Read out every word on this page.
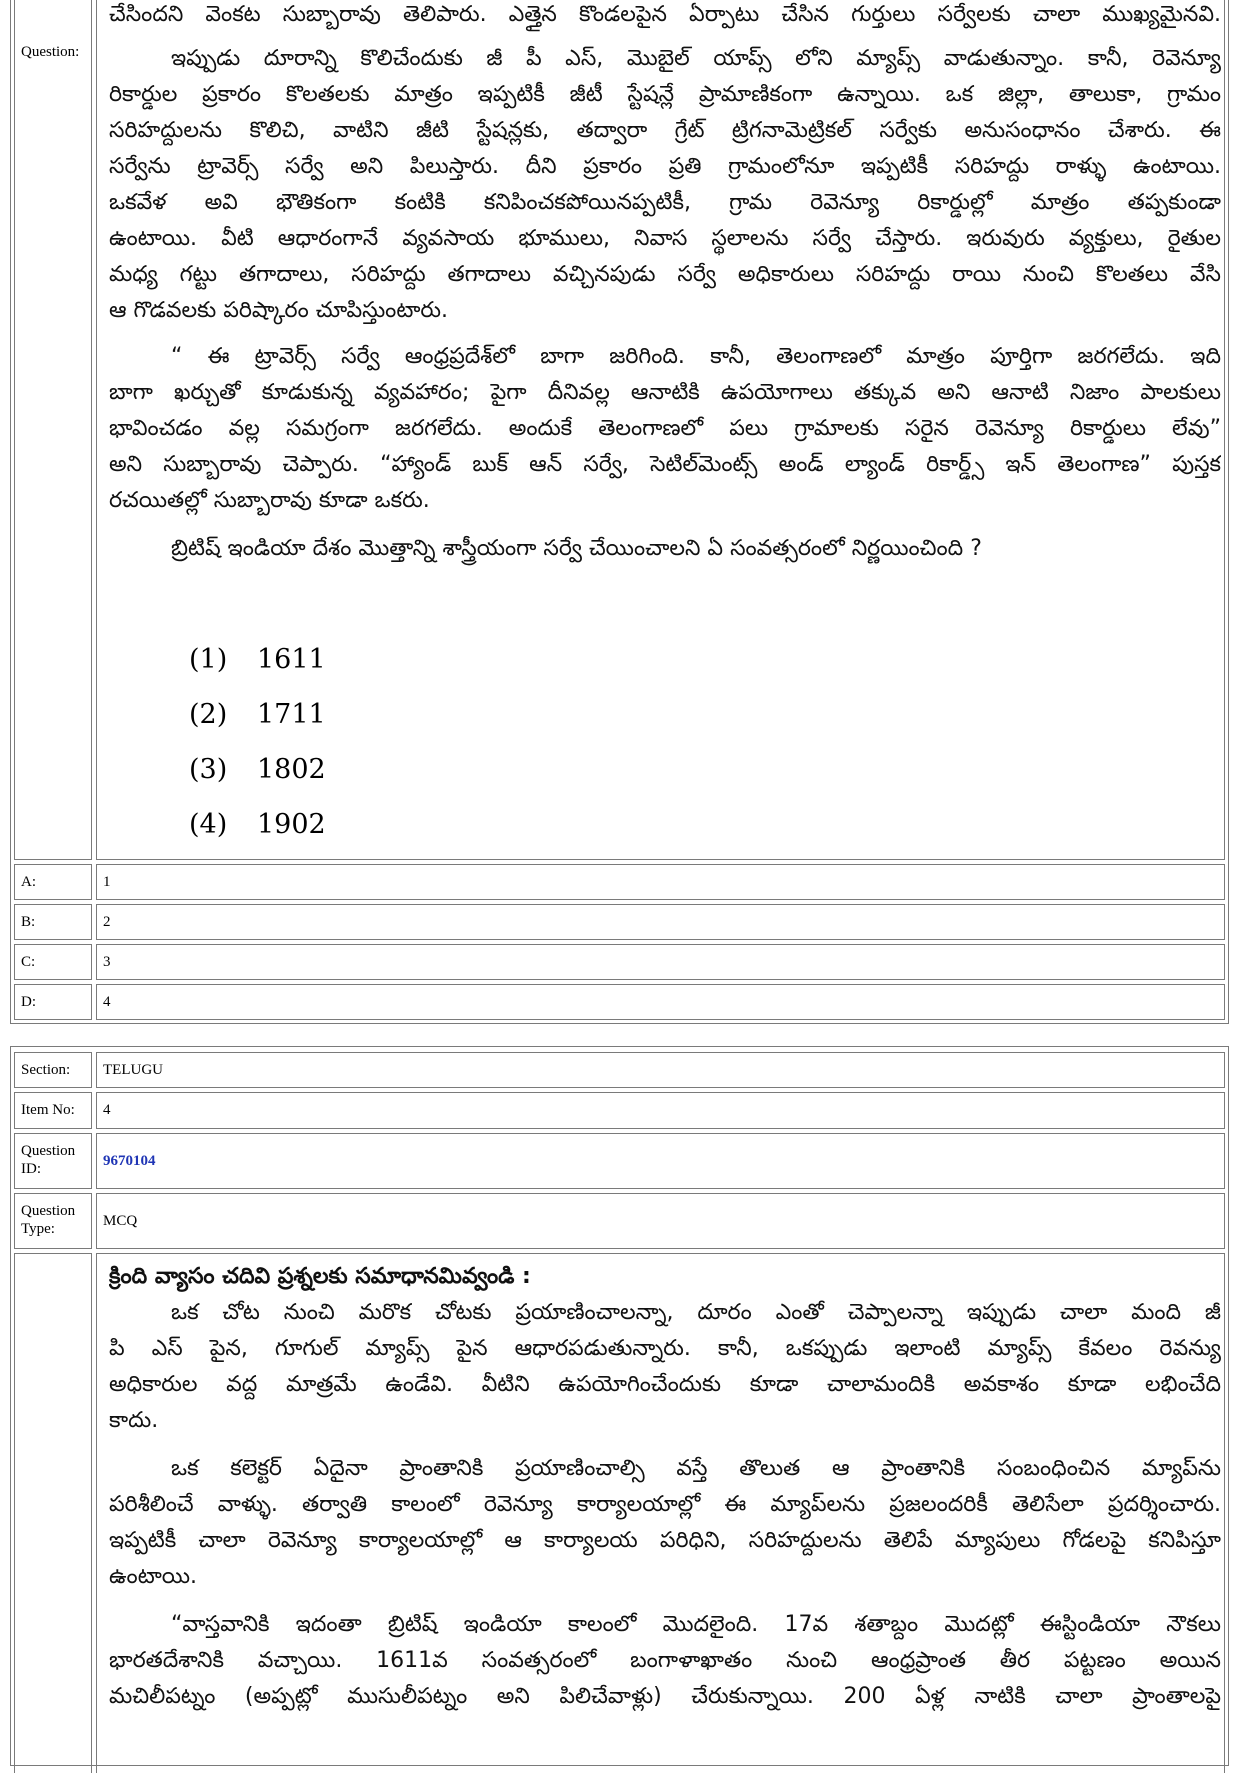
Question:
చేసిందని వెంకట సుబ్బారావు తెలిపారు. ఎత్తైన కొండలపైన ఏర్పాటు చేసిన గుర్తులు సర్వేలకు చాలా ముఖ్యమైనవి.
ఇప్పుడు దూరాన్ని కొలిచేందుకు జీ పీ ఎస్, మొబైల్ యాప్స్ లోని మ్యాప్స్ వాడుతున్నాం. కానీ, రెవెన్యూ
రికార్డుల ప్రకారం కొలతలకు మాత్రం ఇప్పటికీ జీటీ స్టేషన్లే ప్రామాణికంగా ఉన్నాయి. ఒక జిల్లా, తాలుకా, గ్రామం
సరిహద్దులను కొలిచి, వాటిని జీటి స్టేషన్లకు, తద్వారా గ్రేట్ ట్రిగనామెట్రికల్ సర్వేకు అనుసంధానం చేశారు. ఈ
సర్వేను ట్రావెర్స్ సర్వే అని పిలుస్తారు. దీని ప్రకారం ప్రతి గ్రామంలోనూ ఇప్పటికీ సరిహద్దు రాళ్ళు ఉంటాయి.
ఒకవేళ అవి భౌతికంగా కంటికి కనిపించకపోయినప్పటికీ, గ్రామ రెవెన్యూ రికార్డుల్లో మాత్రం తప్పకుండా
ఉంటాయి. వీటి ఆధారంగానే వ్యవసాయ భూములు, నివాస స్థలాలను సర్వే చేస్తారు. ఇరువురు వ్యక్తులు, రైతుల
మధ్య గట్టు తగాదాలు, సరిహద్దు తగాదాలు వచ్చినపుడు సర్వే అధికారులు సరిహద్దు రాయి నుంచి కొలతలు వేసి
ఆ గొడవలకు పరిష్కారం చూపిస్తుంటారు.
“ ఈ ట్రావెర్స్ సర్వే ఆంధ్రప్రదేశ్‌లో బాగా జరిగింది. కానీ, తెలంగాణలో మాత్రం పూర్తిగా జరగలేదు. ఇది
బాగా ఖర్చుతో కూడుకున్న వ్యవహారం; పైగా దీనివల్ల ఆనాటికి ఉపయోగాలు తక్కువ అని ఆనాటి నిజాం పాలకులు
భావించడం వల్ల సమగ్రంగా జరగలేదు. అందుకే తెలంగాణలో పలు గ్రామాలకు సరైన రెవెన్యూ రికార్డులు లేవు”
అని సుబ్బారావు చెప్పారు. “హ్యాండ్ బుక్ ఆన్ సర్వే, సెటిల్‌మెంట్స్ అండ్ ల్యాండ్ రికార్డ్స్ ఇన్ తెలంగాణ” పుస్తక
రచయితల్లో సుబ్బారావు కూడా ఒకరు.
బ్రిటిష్ ఇండియా దేశం మొత్తాన్ని శాస్త్రీయంగా సర్వే చేయించాలని ఏ సంవత్సరంలో నిర్ణయించింది ?
(1) 1611
(2) 1711
(3) 1802
(4) 1902
A:	1
B:	2
C:	3
D:	4
Section:	TELUGU
Item No:	4
Question
ID:	9670104
Question
Type:	MCQ
క్రింది వ్యాసం చదివి ప్రశ్నలకు సమాధానమివ్వండి :
ఒక చోట నుంచి మరొక చోటకు ప్రయాణించాలన్నా, దూరం ఎంతో చెప్పాలన్నా ఇప్పుడు చాలా మంది జీ
పి ఎస్ పైన, గూగుల్ మ్యాప్స్ పైన ఆధారపడుతున్నారు. కానీ, ఒకప్పుడు ఇలాంటి మ్యాప్స్ కేవలం రెవన్యు
అధికారుల వద్ద మాత్రమే ఉండేవి. వీటిని ఉపయోగించేందుకు కూడా చాలామందికి అవకాశం కూడా లభించేది
కాదు.
ఒక కలెక్టర్ ఏదైనా ప్రాంతానికి ప్రయాణించాల్సి వస్తే తొలుత ఆ ప్రాంతానికి సంబంధించిన మ్యాప్‌ను
పరిశీలించే వాళ్ళు. తర్వాతి కాలంలో రెవెన్యూ కార్యాలయాల్లో ఈ మ్యాప్‌లను ప్రజలందరికీ తెలిసేలా ప్రదర్శించారు.
ఇప్పటికీ చాలా రెవెన్యూ కార్యాలయాల్లో ఆ కార్యాలయ పరిధిని, సరిహద్దులను తెలిపే మ్యాపులు గోడలపై కనిపిస్తూ
ఉంటాయి.
“వాస్తవానికి ఇదంతా బ్రిటిష్ ఇండియా కాలంలో మొదలైంది. 17వ శతాబ్దం మొదట్లో ఈస్టిండియా నౌకలు
భారతదేశానికి వచ్చాయి. 1611వ సంవత్సరంలో బంగాళాఖాతం నుంచి ఆంధ్రప్రాంత తీర పట్టణం అయిన
మచిలీపట్నం (అప్పట్లో ముసులీపట్నం అని పిలిచేవాళ్లు) చేరుకున్నాయి. 200 ఏళ్ల నాటికి చాలా ప్రాంతాలపై
